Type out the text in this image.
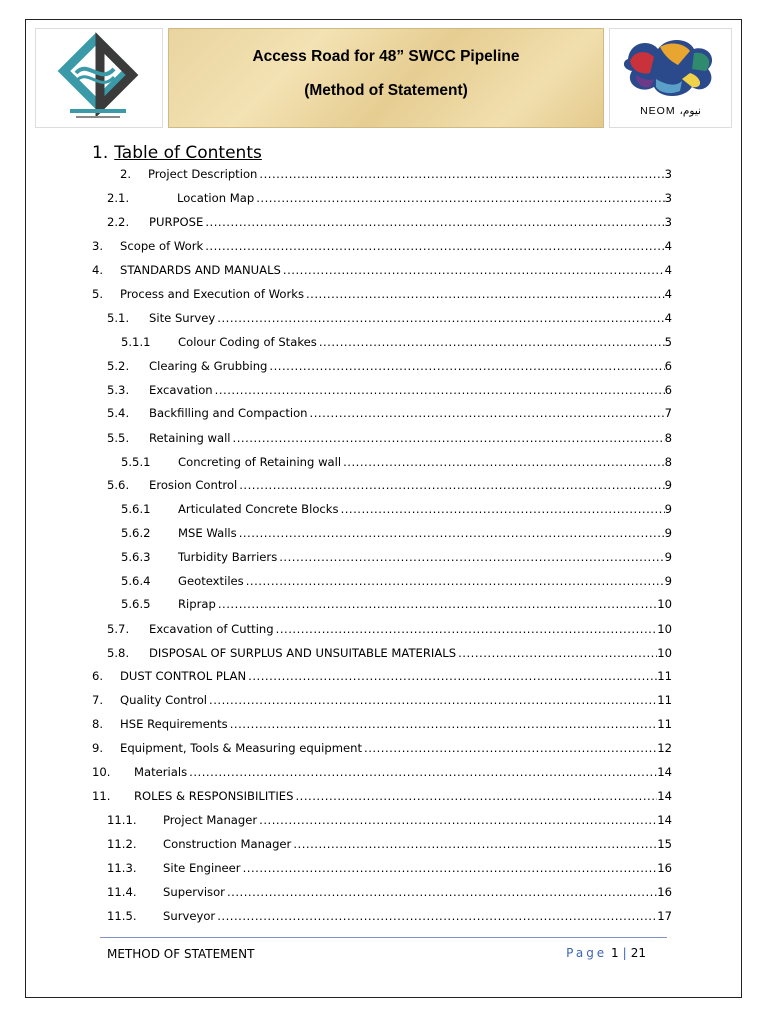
Access Road for 48” SWCC Pipeline
(Method of Statement)
NEOM ،نيوم
1. Table of Contents
2. Project Description .....	3
2.1.	Location Map .....	3
2.2. PURPOSE .....	3
3. Scope of Work .....	4
4. STANDARDS AND MANUALS .....	4
5. Process and Execution of Works .....	4
5.1. Site Survey .....	4
5.1.1 Colour Coding of Stakes .....	5
5.2. Clearing & Grubbing .....	6
5.3. Excavation .....	6
5.4. Backfilling and Compaction .....	7
5.5. Retaining wall .....	8
5.5.1 Concreting of Retaining wall .....	8
5.6. Erosion Control .....	9
5.6.1 Articulated Concrete Blocks .....	9
5.6.2 MSE Walls .....	9
5.6.3 Turbidity Barriers .....	9
5.6.4 Geotextiles .....	9
5.6.5 Riprap .....	10
5.7. Excavation of Cutting .....	10
5.8. DISPOSAL OF SURPLUS AND UNSUITABLE MATERIALS .....	10
6. DUST CONTROL PLAN .....	11
7. Quality Control .....	11
8. HSE Requirements .....	11
9. Equipment, Tools & Measuring equipment .....	12
10. Materials .....	14
11. ROLES & RESPONSIBILITIES .....	14
11.1. Project Manager .....	14
11.2. Construction Manager .....	15
11.3. Site Engineer .....	16
11.4. Supervisor .....	16
11.5. Surveyor .....	17
METHOD OF STATEMENT	Page 1 | 21
